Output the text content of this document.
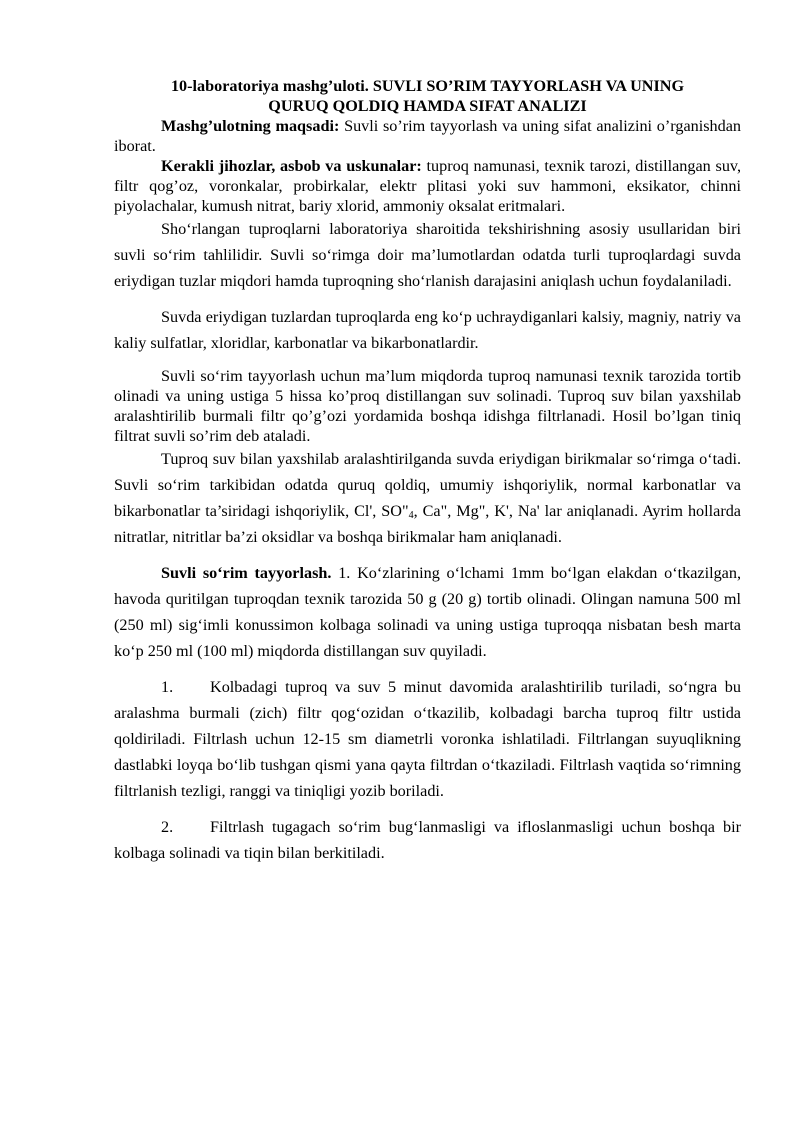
10-laboratoriya mashg’uloti. SUVLI SO’RIM TAYYORLASH VA UNING
QURUQ QOLDIQ HAMDA SIFAT ANALIZI

Mashg’ulotning maqsadi: Suvli so’rim tayyorlash va uning sifat analizini o’rganishdan iborat.

Kerakli jihozlar, asbob va uskunalar: tuproq namunasi, texnik tarozi, distillangan suv, filtr qog’oz, voronkalar, probirkalar, elektr plitasi yoki suv hammoni, eksikator, chinni piyolachalar, kumush nitrat, bariy xlorid, ammoniy oksalat eritmalari.

Sho‘rlangan tuproqlarni laboratoriya sharoitida tekshirishning asosiy usullaridan biri suvli so‘rim tahlilidir. Suvli so‘rimga doir ma’lumotlardan odatda turli tuproqlardagi suvda eriydigan tuzlar miqdori hamda tuproqning sho‘rlanish darajasini aniqlash uchun foydalaniladi.

Suvda eriydigan tuzlardan tuproqlarda eng ko‘p uchraydiganlari kalsiy, magniy, natriy va kaliy sulfatlar, xloridlar, karbonatlar va bikarbonatlardir.

Suvli so‘rim tayyorlash uchun ma’lum miqdorda tuproq namunasi texnik tarozida tortib olinadi va uning ustiga 5 hissa ko’proq distillangan suv solinadi. Tuproq suv bilan yaxshilab aralashtirilib burmali filtr qo’g’ozi yordamida boshqa idishga filtrlanadi. Hosil bo’lgan tiniq filtrat suvli so’rim deb ataladi.

Tuproq suv bilan yaxshilab aralashtirilganda suvda eriydigan birikmalar so‘rimga o‘tadi. Suvli so‘rim tarkibidan odatda quruq qoldiq, umumiy ishqoriylik, normal karbonatlar va bikarbonatlar ta’siridagi ishqoriylik, Cl', $SO"_4$, Ca", Mg", K', Na' lar aniqlanadi. Ayrim hollarda nitratlar, nitritlar ba’zi oksidlar va boshqa birikmalar ham aniqlanadi.

Suvli so‘rim tayyorlash. 1. Ko‘zlarining o‘lchami 1mm bo‘lgan elakdan o‘tkazilgan, havoda quritilgan tuproqdan texnik tarozida 50 g (20 g) tortib olinadi. Olingan namuna 500 ml (250 ml) sig‘imli konussimon kolbaga solinadi va uning ustiga tuproqqa nisbatan besh marta ko‘p 250 ml (100 ml) miqdorda distillangan suv quyiladi.

1. Kolbadagi tuproq va suv 5 minut davomida aralashtirilib turiladi, so‘ngra bu aralashma burmali (zich) filtr qog‘ozidan o‘tkazilib, kolbadagi barcha tuproq filtr ustida qoldiriladi. Filtrlash uchun 12-15 sm diametrli voronka ishlatiladi. Filtrlangan suyuqlikning dastlabki loyqa bo‘lib tushgan qismi yana qayta filtrdan o‘tkaziladi. Filtrlash vaqtida so‘rimning filtrlanish tezligi, ranggi va tiniqligi yozib boriladi.

2. Filtrlash tugagach so‘rim bug‘lanmasligi va ifloslanmasligi uchun boshqa bir kolbaga solinadi va tiqin bilan berkitiladi.
